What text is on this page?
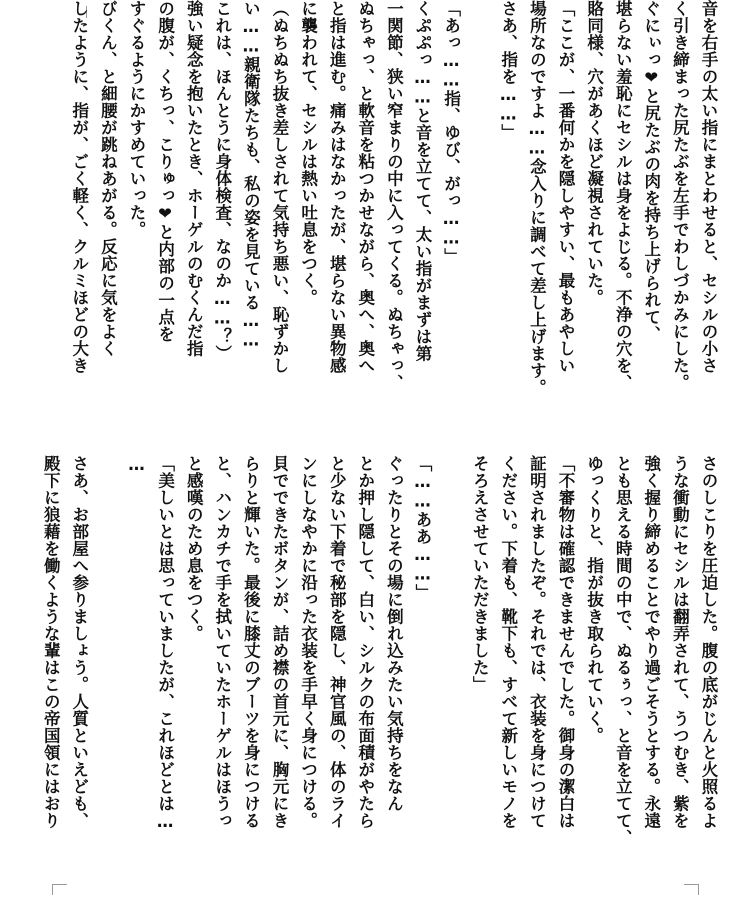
音を右手の太い指にまとわせると、セシルの小さ
く引き締まった尻たぶを左手でわしづかみにした。
ぐにぃっ❤と尻たぶの肉を持ち上げられて、
堪らない羞恥にセシルは身をよじる。不浄の穴を、
賂同様、穴があくほど凝視されていた。
「ここが、一番何かを隠しやすい、最もあやしい
場所なのですよ……念入りに調べて差し上げます。
さあ、指を……」
「あっ……指、ゆび、がっ……」
くぷぷっ……と音を立てて、太い指がまずは第
一関節、狭い窄まりの中に入ってくる。ぬちゃっ、
ぬちゃっ、と軟音を粘つかせながら、奥へ、奥へ
と指は進む。痛みはなかったが、堪らない異物感
に襲われて、セシルは熱い吐息をつく。
（ぬちぬち抜き差しされて気持ち悪い、恥ずかし
い……親衛隊たちも、私の姿を見ている……
これは、ほんとうに身体検査、なのか……？）
強い疑念を抱いたとき、ホーゲルのむくんだ指
の腹が、くちっ、こりゅっ❤と内部の一点を
すぐるようにかすめていった。
びくん、と細腰が跳ねあがる。反応に気をよく
したように、指が、ごく軽く、クルミほどの大き
さのしこりを圧迫した。腹の底がじんと火照るよ
うな衝動にセシルは翻弄されて、うつむき、紫を
強く握り締めることでやり過ごそうとする。永遠
とも思える時間の中で、ぬるぅっ、と音を立てて、
ゆっくりと、指が抜き取られていく。
「不審物は確認できませんでした。御身の潔白は
証明されましたぞ。それでは、衣装を身につけて
ください。下着も、靴下も、すべて新しいモノを
そろえさせていただきました」
「……ああ……」
ぐったりとその場に倒れ込みたい気持ちをなん
とか押し隠して、白い、シルクの布面積がやたら
と少ない下着で秘部を隠し、神官風の、体のライ
ンにしなやかに沿った衣装を手早く身につける。
貝でできたボタンが、詰め襟の首元に、胸元にき
らりと輝いた。最後に膝丈のブーツを身につける
と、ハンカチで手を拭いていたホーゲルはほうっ
と感嘆のため息をつく。
「美しいとは思っていましたが、これほどとは…
…
さあ、お部屋へ参りましょう。人質といえども、
殿下に狼藉を働くような輩はこの帝国領にはおり
